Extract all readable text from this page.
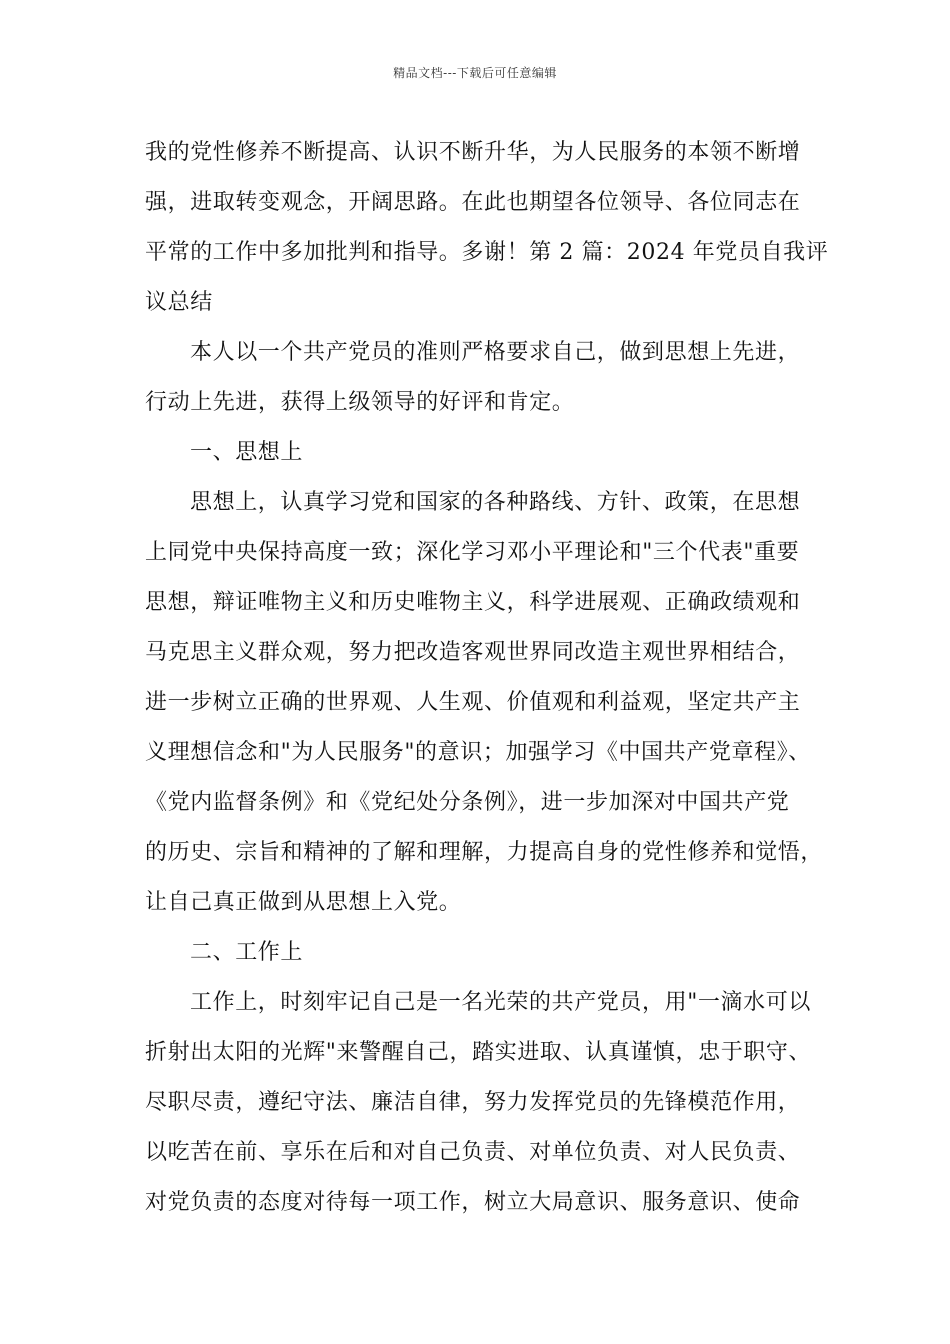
精品文档---下载后可任意编辑
我的党性修养不断提高、认识不断升华，为人民服务的本领不断增
强，进取转变观念，开阔思路。在此也期望各位领导、各位同志在
平常的工作中多加批判和指导。多谢！第 2 篇：2024 年党员自我评
议总结
本人以一个共产党员的准则严格要求自己，做到思想上先进，
行动上先进，获得上级领导的好评和肯定。
一、思想上
思想上，认真学习党和国家的各种路线、方针、政策，在思想
上同党中央保持高度一致；深化学习邓小平理论和"三个代表"重要
思想，辩证唯物主义和历史唯物主义，科学进展观、正确政绩观和
马克思主义群众观，努力把改造客观世界同改造主观世界相结合，
进一步树立正确的世界观、人生观、价值观和利益观，坚定共产主
义理想信念和"为人民服务"的意识；加强学习《中国共产党章程》、
《党内监督条例》和《党纪处分条例》，进一步加深对中国共产党
的历史、宗旨和精神的了解和理解，力提高自身的党性修养和觉悟，
让自己真正做到从思想上入党。
二、工作上
工作上，时刻牢记自己是一名光荣的共产党员，用"一滴水可以
折射出太阳的光辉"来警醒自己，踏实进取、认真谨慎，忠于职守、
尽职尽责，遵纪守法、廉洁自律，努力发挥党员的先锋模范作用，
以吃苦在前、享乐在后和对自己负责、对单位负责、对人民负责、
对党负责的态度对待每一项工作，树立大局意识、服务意识、使命
